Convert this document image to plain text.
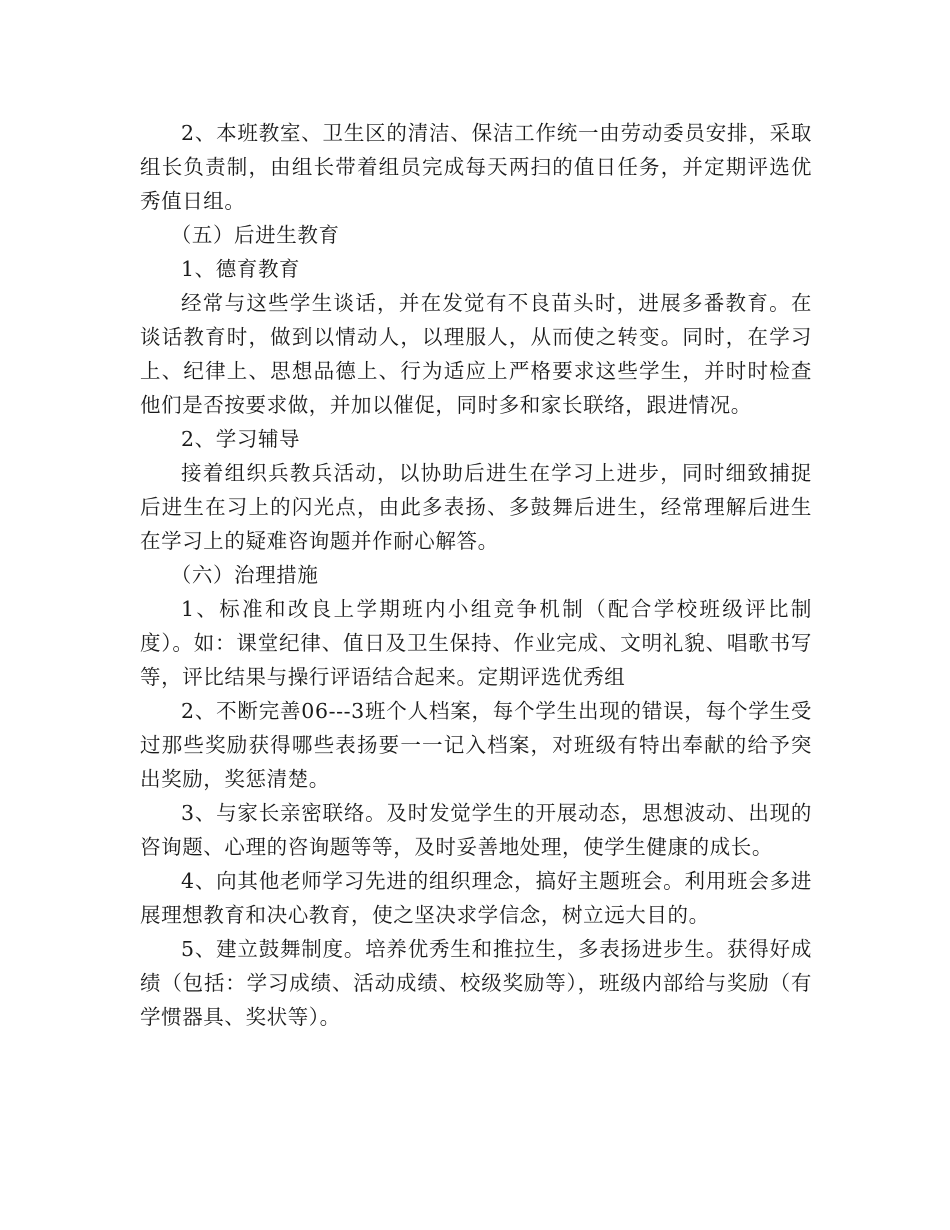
2、本班教室、卫生区的清洁、保洁工作统一由劳动委员安排，采取组长负责制，由组长带着组员完成每天两扫的值日任务，并定期评选优秀值日组。

（五）后进生教育

1、德育教育

经常与这些学生谈话，并在发觉有不良苗头时，进展多番教育。在谈话教育时，做到以情动人，以理服人，从而使之转变。同时，在学习上、纪律上、思想品德上、行为适应上严格要求这些学生，并时时检查他们是否按要求做，并加以催促，同时多和家长联络，跟进情况。

2、学习辅导

接着组织兵教兵活动，以协助后进生在学习上进步，同时细致捕捉后进生在习上的闪光点，由此多表扬、多鼓舞后进生，经常理解后进生在学习上的疑难咨询题并作耐心解答。

（六）治理措施

1、标准和改良上学期班内小组竞争机制（配合学校班级评比制度）。如：课堂纪律、值日及卫生保持、作业完成、文明礼貌、唱歌书写等，评比结果与操行评语结合起来。定期评选优秀组

2、不断完善06---3班个人档案，每个学生出现的错误，每个学生受过那些奖励获得哪些表扬要一一记入档案，对班级有特出奉献的给予突出奖励，奖惩清楚。

3、与家长亲密联络。及时发觉学生的开展动态，思想波动、出现的咨询题、心理的咨询题等等，及时妥善地处理，使学生健康的成长。

4、向其他老师学习先进的组织理念，搞好主题班会。利用班会多进展理想教育和决心教育，使之坚决求学信念，树立远大目的。

5、建立鼓舞制度。培养优秀生和推拉生，多表扬进步生。获得好成绩（包括：学习成绩、活动成绩、校级奖励等），班级内部给与奖励（有学惯器具、奖状等）。
